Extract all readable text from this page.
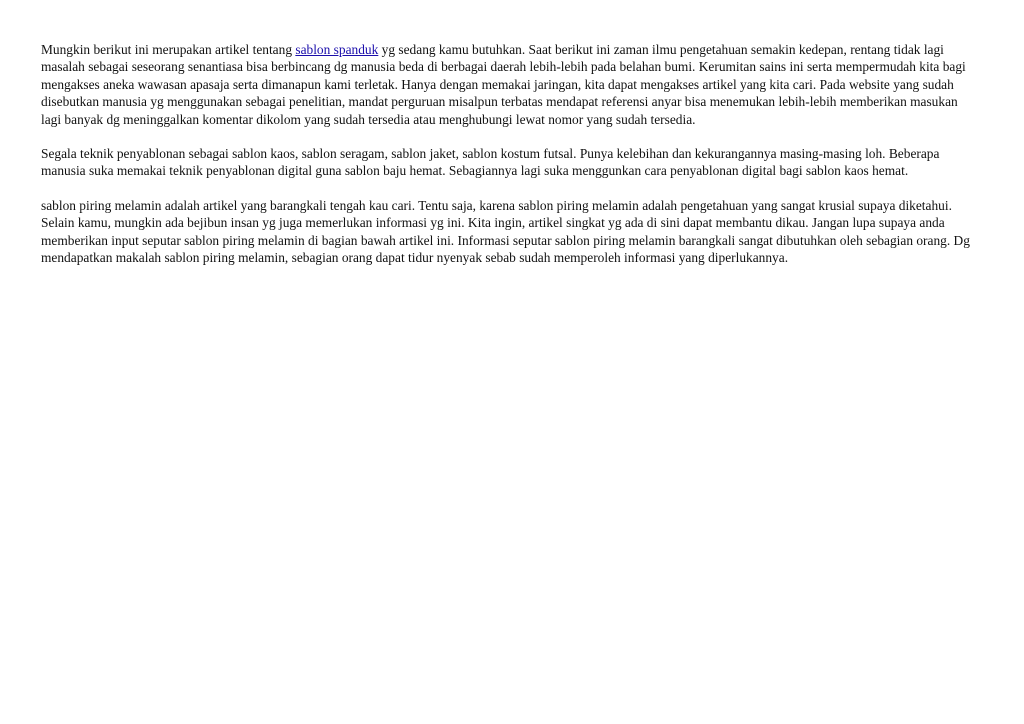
Mungkin berikut ini merupakan artikel tentang sablon spanduk yg sedang kamu butuhkan. Saat berikut ini zaman ilmu pengetahuan semakin kedepan, rentang tidak lagi masalah sebagai seseorang senantiasa bisa berbincang dg manusia beda di berbagai daerah lebih-lebih pada belahan bumi. Kerumitan sains ini serta mempermudah kita bagi mengakses aneka wawasan apasaja serta dimanapun kami terletak. Hanya dengan memakai jaringan, kita dapat mengakses artikel yang kita cari. Pada website yang sudah disebutkan manusia yg menggunakan sebagai penelitian, mandat perguruan misalpun terbatas mendapat referensi anyar bisa menemukan lebih-lebih memberikan masukan lagi banyak dg meninggalkan komentar dikolom yang sudah tersedia atau menghubungi lewat nomor yang sudah tersedia.

Segala teknik penyablonan sebagai sablon kaos, sablon seragam, sablon jaket, sablon kostum futsal. Punya kelebihan dan kekurangannya masing-masing loh. Beberapa manusia suka memakai teknik penyablonan digital guna sablon baju hemat. Sebagiannya lagi suka menggunkan cara penyablonan digital bagi sablon kaos hemat.

sablon piring melamin adalah artikel yang barangkali tengah kau cari. Tentu saja, karena sablon piring melamin adalah pengetahuan yang sangat krusial supaya diketahui. Selain kamu, mungkin ada bejibun insan yg juga memerlukan informasi yg ini. Kita ingin, artikel singkat yg ada di sini dapat membantu dikau. Jangan lupa supaya anda memberikan input seputar sablon piring melamin di bagian bawah artikel ini. Informasi seputar sablon piring melamin barangkali sangat dibutuhkan oleh sebagian orang. Dg mendapatkan makalah sablon piring melamin, sebagian orang dapat tidur nyenyak sebab sudah memperoleh informasi yang diperlukannya.
